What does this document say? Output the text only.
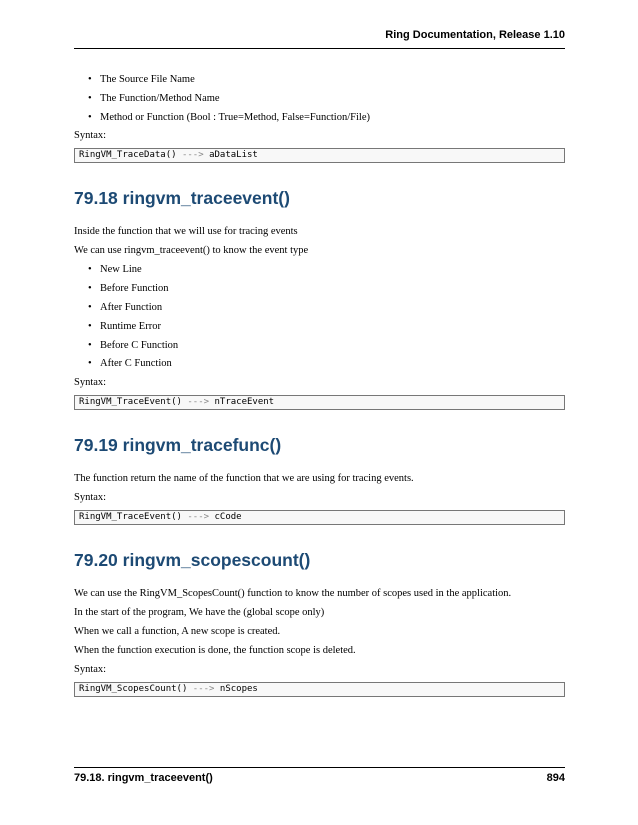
Ring Documentation, Release 1.10
• The Source File Name
• The Function/Method Name
• Method or Function (Bool : True=Method, False=Function/File)

Syntax:

RingVM_TraceData() ---> aDataList
79.18 ringvm_traceevent()

Inside the function that we will use for tracing events

We can use ringvm_traceevent() to know the event type

• New Line
• Before Function
• After Function
• Runtime Error
• Before C Function
• After C Function

Syntax:

RingVM_TraceEvent() ---> nTraceEvent
79.19 ringvm_tracefunc()

The function return the name of the function that we are using for tracing events.

Syntax:

RingVM_TraceEvent() ---> cCode
79.20 ringvm_scopescount()

We can use the RingVM_ScopesCount() function to know the number of scopes used in the application.

In the start of the program, We have the (global scope only)

When we call a function, A new scope is created.

When the function execution is done, the function scope is deleted.

Syntax:

RingVM_ScopesCount() ---> nScopes
79.18. ringvm_traceevent()	894
